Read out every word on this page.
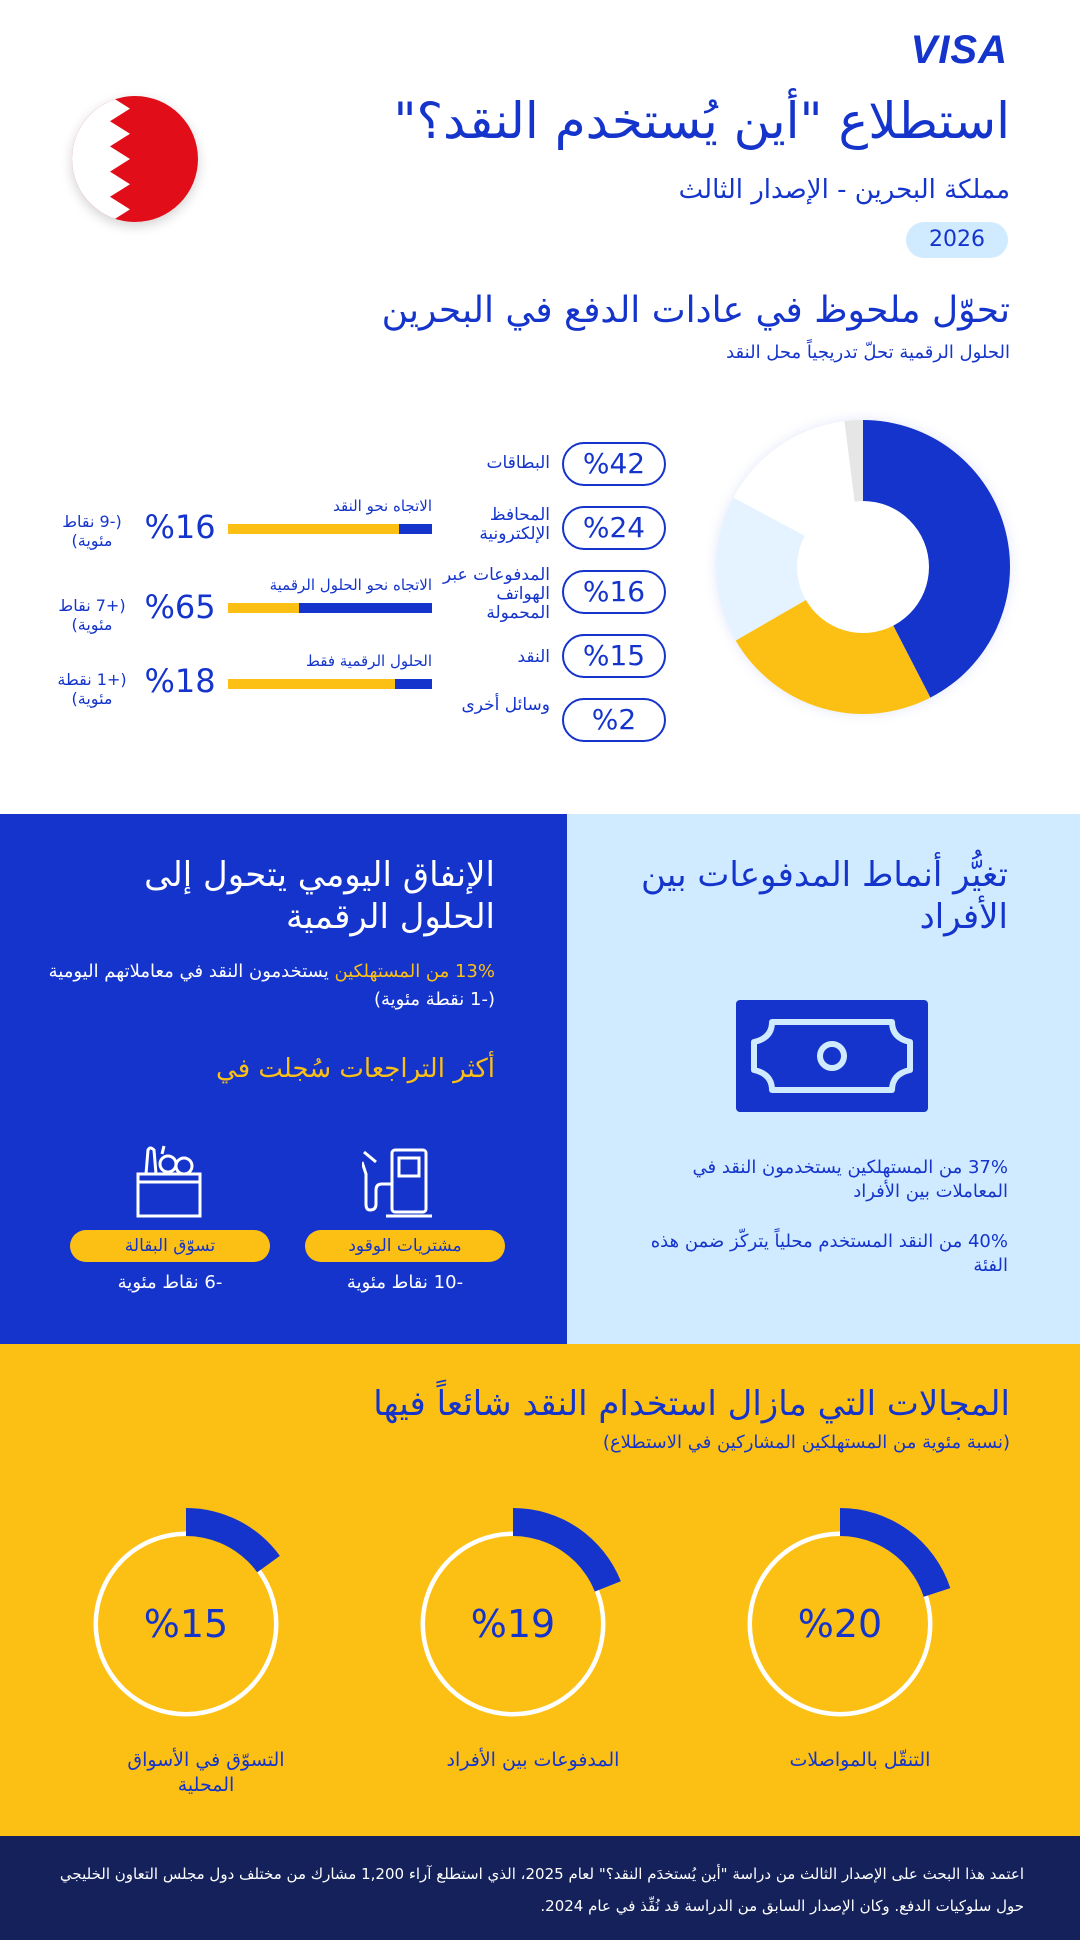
VISA
استطلاع "أين يُستخدم النقد؟"
مملكة البحرين - الإصدار الثالث
2026
تحوّل ملحوظ في عادات الدفع في البحرين
الحلول الرقمية تحلّ تدريجياً محل النقد
%42
البطاقات
%24
المحافظ الإلكترونية
%16
المدفوعات عبر الهواتف المحمولة
%15
النقد
%2
وسائل أخرى
الاتجاه نحو النقد
%16
(-9 نقاط مئوية)
الاتجاه نحو الحلول الرقمية
%65
(+7 نقاط مئوية)
الحلول الرقمية فقط
%18
(+1 نقطة مئوية)
الإنفاق اليومي يتحول إلى الحلول الرقمية
13% من المستهلكين يستخدمون النقد في معاملاتهم اليومية (-1 نقطة مئوية)
أكثر التراجعات سُجلت في
مشتريات الوقود
-10 نقاط مئوية
تسوّق البقالة
-6 نقاط مئوية
تغيُّر أنماط المدفوعات بين الأفراد
37% من المستهلكين يستخدمون النقد في المعاملات بين الأفراد
40% من النقد المستخدم محلياً يتركّز ضمن هذه الفئة
المجالات التي مازال استخدام النقد شائعاً فيها
(نسبة مئوية من المستهلكين المشاركين في الاستطلاع)
%20
التنقّل بالمواصلات
%19
المدفوعات بين الأفراد
%15
التسوّق في الأسواق المحلية
اعتمد هذا البحث على الإصدار الثالث من دراسة "أين يُستخدَم النقد؟" لعام 2025، الذي استطلع آراء 1,200 مشارك من مختلف دول مجلس التعاون الخليجي حول سلوكيات الدفع. وكان الإصدار السابق من الدراسة قد نُفِّذ في عام 2024.
